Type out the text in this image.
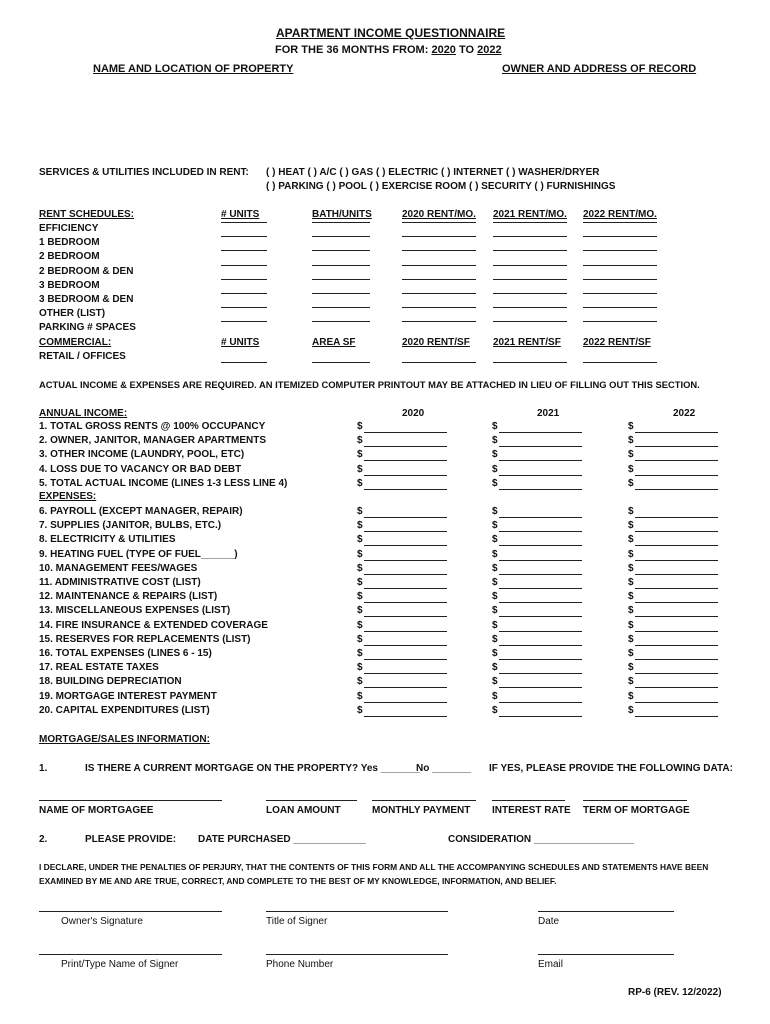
APARTMENT INCOME QUESTIONNAIRE
FOR THE 36 MONTHS FROM: 2020 TO 2022
NAME AND LOCATION OF PROPERTY	OWNER AND ADDRESS OF RECORD
SERVICES & UTILITIES INCLUDED IN RENT: ( ) HEAT ( ) A/C ( ) GAS ( ) ELECTRIC ( ) INTERNET ( ) WASHER/DRYER
( ) PARKING ( ) POOL ( ) EXERCISE ROOM ( ) SECURITY ( ) FURNISHINGS
RENT SCHEDULES:	# UNITS	BATH/UNITS	2020 RENT/MO. 2021 RENT/MO. 2022 RENT/MO.
EFFICIENCY
1 BEDROOM
2 BEDROOM
2 BEDROOM & DEN
3 BEDROOM
3 BEDROOM & DEN
OTHER (LIST)
PARKING # SPACES
COMMERCIAL:	# UNITS	AREA SF	2020 RENT/SF 2021 RENT/SF 2022 RENT/SF
RETAIL / OFFICES
ACTUAL INCOME & EXPENSES ARE REQUIRED. AN ITEMIZED COMPUTER PRINTOUT MAY BE ATTACHED IN LIEU OF FILLING OUT THIS SECTION.
ANNUAL INCOME:	2020	2021	2022
1. TOTAL GROSS RENTS @ 100% OCCUPANCY	$	$	$
2. OWNER, JANITOR, MANAGER APARTMENTS	$	$	$
3. OTHER INCOME (LAUNDRY, POOL, ETC)	$	$	$
4. LOSS DUE TO VACANCY OR BAD DEBT	$	$	$
5. TOTAL ACTUAL INCOME (LINES 1-3 LESS LINE 4)	$	$	$
EXPENSES:
6. PAYROLL (EXCEPT MANAGER, REPAIR)	$	$	$
7. SUPPLIES (JANITOR, BULBS, ETC.)	$	$	$
8. ELECTRICITY & UTILITIES	$	$	$
9. HEATING FUEL (TYPE OF FUEL______)	$	$	$
10. MANAGEMENT FEES/WAGES	$	$	$
11. ADMINISTRATIVE COST (LIST)	$	$	$
12. MAINTENANCE & REPAIRS (LIST)	$	$	$
13. MISCELLANEOUS EXPENSES (LIST)	$	$	$
14. FIRE INSURANCE & EXTENDED COVERAGE	$	$	$
15. RESERVES FOR REPLACEMENTS (LIST)	$	$	$
16. TOTAL EXPENSES (LINES 6 - 15)	$	$	$
17. REAL ESTATE TAXES	$	$	$
18. BUILDING DEPRECIATION	$	$	$
19. MORTGAGE INTEREST PAYMENT	$	$	$
20. CAPITAL EXPENDITURES (LIST)	$	$	$
MORTGAGE/SALES INFORMATION:
1.	IS THERE A CURRENT MORTGAGE ON THE PROPERTY? Yes _______
No _______ IF YES, PLEASE PROVIDE THE FOLLOWING DATA:
NAME OF MORTGAGEE	LOAN AMOUNT	MONTHLY PAYMENT INTEREST RATE TERM OF MORTGAGE
2.	PLEASE PROVIDE: DATE PURCHASED _____________	CONSIDERATION __________________
I DECLARE, UNDER THE PENALTIES OF PERJURY, THAT THE CONTENTS OF THIS FORM AND ALL THE ACCOMPANYING SCHEDULES AND STATEMENTS HAVE BEEN
EXAMINED BY ME AND ARE TRUE, CORRECT, AND COMPLETE TO THE BEST OF MY KNOWLEDGE, INFORMATION, AND BELIEF.
Owner's Signature	Title of Signer	Date
Print/Type Name of Signer	Phone Number	Email
RP-6 (REV. 12/2022)
